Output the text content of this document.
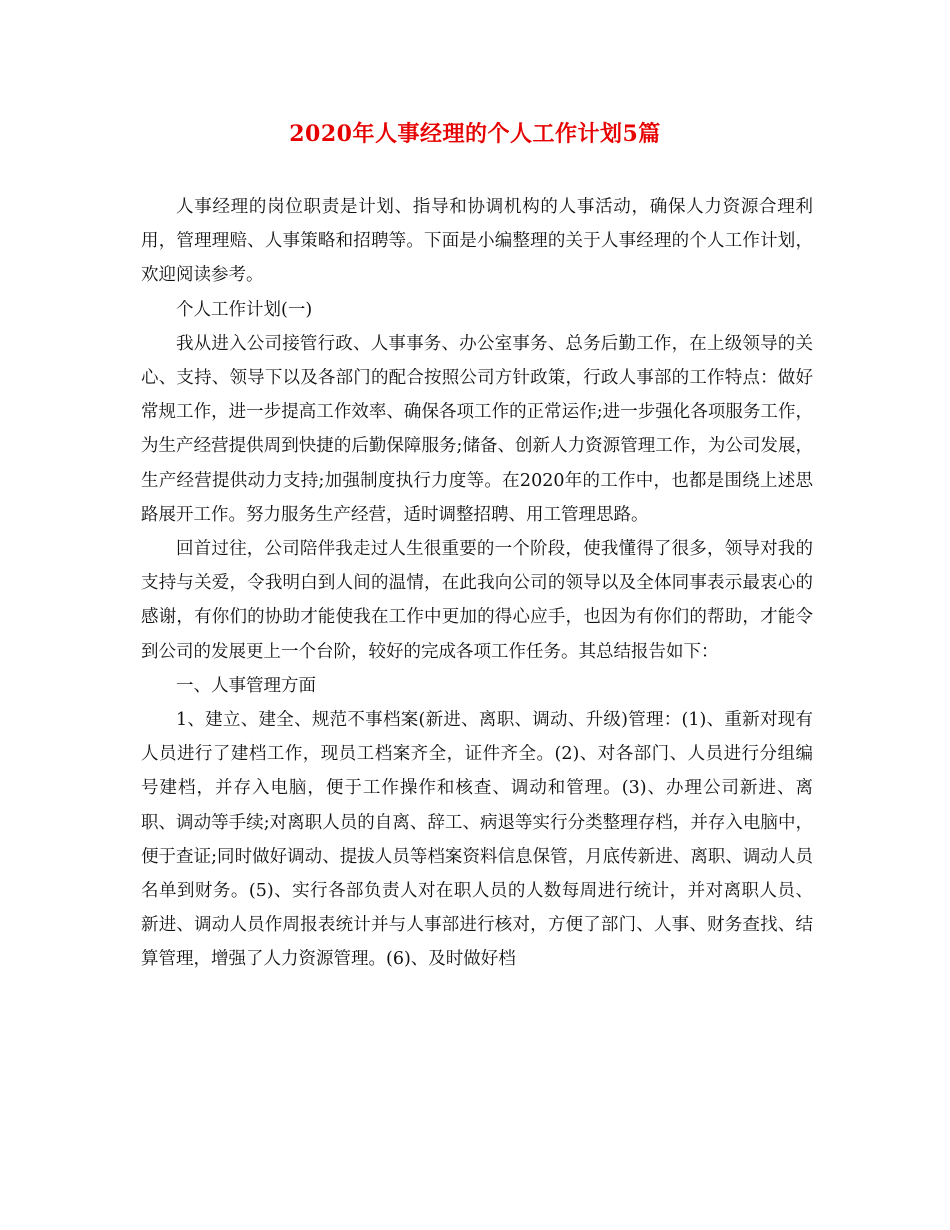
2020年人事经理的个人工作计划5篇

人事经理的岗位职责是计划、指导和协调机构的人事活动，确保人力资源合理利用，管理理赔、人事策略和招聘等。下面是小编整理的关于人事经理的个人工作计划，欢迎阅读参考。

个人工作计划(一)

我从进入公司接管行政、人事事务、办公室事务、总务后勤工作，在上级领导的关心、支持、领导下以及各部门的配合按照公司方针政策，行政人事部的工作特点：做好常规工作，进一步提高工作效率、确保各项工作的正常运作;进一步强化各项服务工作，为生产经营提供周到快捷的后勤保障服务;储备、创新人力资源管理工作，为公司发展，生产经营提供动力支持;加强制度执行力度等。在2020年的工作中，也都是围绕上述思路展开工作。努力服务生产经营，适时调整招聘、用工管理思路。

回首过往，公司陪伴我走过人生很重要的一个阶段，使我懂得了很多，领导对我的支持与关爱，令我明白到人间的温情，在此我向公司的领导以及全体同事表示最衷心的感谢，有你们的协助才能使我在工作中更加的得心应手，也因为有你们的帮助，才能令到公司的发展更上一个台阶，较好的完成各项工作任务。其总结报告如下：

一、人事管理方面

1、建立、建全、规范不事档案(新进、离职、调动、升级)管理：(1)、重新对现有人员进行了建档工作，现员工档案齐全，证件齐全。(2)、对各部门、人员进行分组编号建档，并存入电脑，便于工作操作和核查、调动和管理。(3)、办理公司新进、离职、调动等手续;对离职人员的自离、辞工、病退等实行分类整理存档，并存入电脑中，便于查证;同时做好调动、提拔人员等档案资料信息保管，月底传新进、离职、调动人员名单到财务。(5)、实行各部负责人对在职人员的人数每周进行统计，并对离职人员、新进、调动人员作周报表统计并与人事部进行核对，方便了部门、人事、财务查找、结算管理，增强了人力资源管理。(6)、及时做好档
